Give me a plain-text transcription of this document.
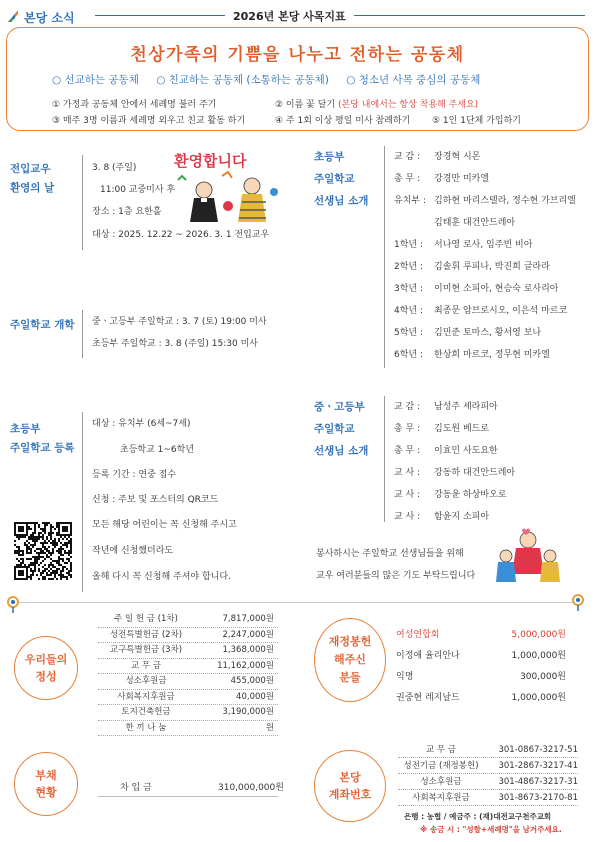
본당 소식	2026년 본당 사목지표
천상가족의 기쁨을 나누고 전하는 공동체
○ 선교하는 공동체 ○ 친교하는 공동체 (소통하는 공동체) ○ 청소년 사목 중심의 공동체
① 가정과 공동체 안에서 세례명 불러 주기	② 이름 꽃 달기 (본당 내에서는 항상 착용해 주세요)
③ 매주 3명 이름과 세례명 외우고 친교 활동 하기	④ 주 1회 이상 평일 미사 참례하기 ⑤ 1인 1단체 가입하기
전입교우
환영의 날
3. 8 (주일)
11:00 교중미사 후
장소 : 1층 요한홀
대상 : 2025. 12.22 ~ 2026. 3. 1 전입교우
환영합니다
주일학교 개학 중ㆍ고등부 주일학교 : 3. 7 (토) 19:00 미사
초등부 주일학교 : 3. 8 (주일) 15:30 미사
초등부
주일학교 등록
대상 : 유치부 (6세~7세)
초등학교 1~6학년
등록 기간 : 연중 접수
신청 : 주보 및 포스터의 QR코드
모든 해당 어린이는 꼭 신청해 주시고
작년에 신청했더라도
올해 다시 꼭 신청해 주셔야 합니다.
초등부
주일학교
선생님 소개
교 감 : 장경혁 시몬
총 무 : 강경만 미카엘
유치부 : 김하현 마리스텔라, 정수현 가브리엘
김태훈 대건안드레아
1학년 : 서나영 로사, 임주빈 비아
2학년 : 김솔휘 루피나, 박진희 글라라
3학년 : 이미현 소피아, 현승숙 로사리아
4학년 : 최종문 암브로시오, 이은석 마르코
5학년 : 김민준 토마스, 황서영 보나
6학년 : 한상희 마르코, 정무현 미카엘
중ㆍ고등부
주일학교
선생님 소개
교 감 : 남성주 세라피아
총 무 : 김도원 베드로
총 무 : 이효민 사도요한
교 사 : 강동하 대건안드레아
교 사 : 강동윤 하상바오로
교 사 : 함윤지 소피아
봉사하시는 주일학교 선생님들을 위해
교우 여러분들의 많은 기도 부탁드립니다
우리들의
정성
주 일 헌 금 (1차)	7,817,000원
성전특별헌금 (2차)	2,247,000원
교구특별헌금 (3차)	1,368,000원
교 무 금	11,162,000원
성소후원금	455,000원
사회복지후원금	40,000원
토지건축헌금	3,190,000원
한 끼 나 눔	원
재정봉헌
해주신
분들
여성연합회	5,000,000원
이정애 율리안나	1,000,000원
익명	300,000원
권중현 레지날드	1,000,000원
부채
현황	차 입 금	310,000,000원
본당
계좌번호
교 무 금	301-0867-3217-51
성전기금 (재정봉헌)	301-2867-3217-41
성소후원금	301-4867-3217-31
사회복지후원금	301-8673-2170-81
은행 : 농협 / 예금주 : (재)대전교구천주교회
※ 송금 시 : "성함+세례명"을 남겨주세요.
